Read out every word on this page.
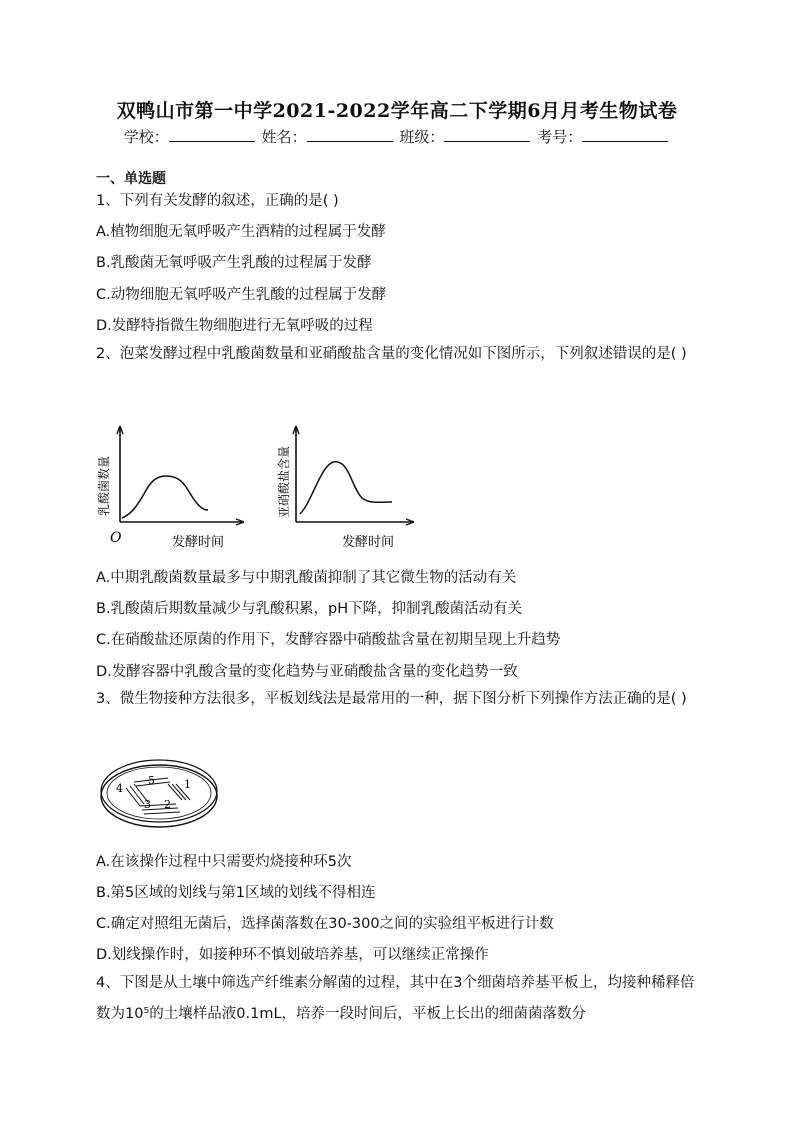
双鸭山市第一中学2021-2022学年高二下学期6月月考生物试卷
学校：	姓名：	班级：	考号：
一、单选题
1、下列有关发酵的叙述，正确的是( )
A.植物细胞无氧呼吸产生酒精的过程属于发酵
B.乳酸菌无氧呼吸产生乳酸的过程属于发酵
C.动物细胞无氧呼吸产生乳酸的过程属于发酵
D.发酵特指微生物细胞进行无氧呼吸的过程
2、泡菜发酵过程中乳酸菌数量和亚硝酸盐含量的变化情况如下图所示，下列叙述错误的是( )
O	发酵时间
乳酸菌数量
发酵时间
亚硝酸盐含量
A.中期乳酸菌数量最多与中期乳酸菌抑制了其它微生物的活动有关
B.乳酸菌后期数量减少与乳酸积累，pH下降，抑制乳酸菌活动有关
C.在硝酸盐还原菌的作用下，发酵容器中硝酸盐含量在初期呈现上升趋势
D.发酵容器中乳酸含量的变化趋势与亚硝酸盐含量的变化趋势一致
3、微生物接种方法很多，平板划线法是最常用的一种，据下图分析下列操作方法正确的是( )
4
5	1
2
3
A.在该操作过程中只需要灼烧接种环5次
B.第5区域的划线与第1区域的划线不得相连
C.确定对照组无菌后，选择菌落数在30-300之间的实验组平板进行计数
D.划线操作时，如接种环不慎划破培养基，可以继续正常操作
4、下图是从土壤中筛选产纤维素分解菌的过程，其中在3个细菌培养基平板上，均接种稀释倍数为10⁵的土壤样品液0.1mL，培养一段时间后，平板上长出的细菌菌落数分
